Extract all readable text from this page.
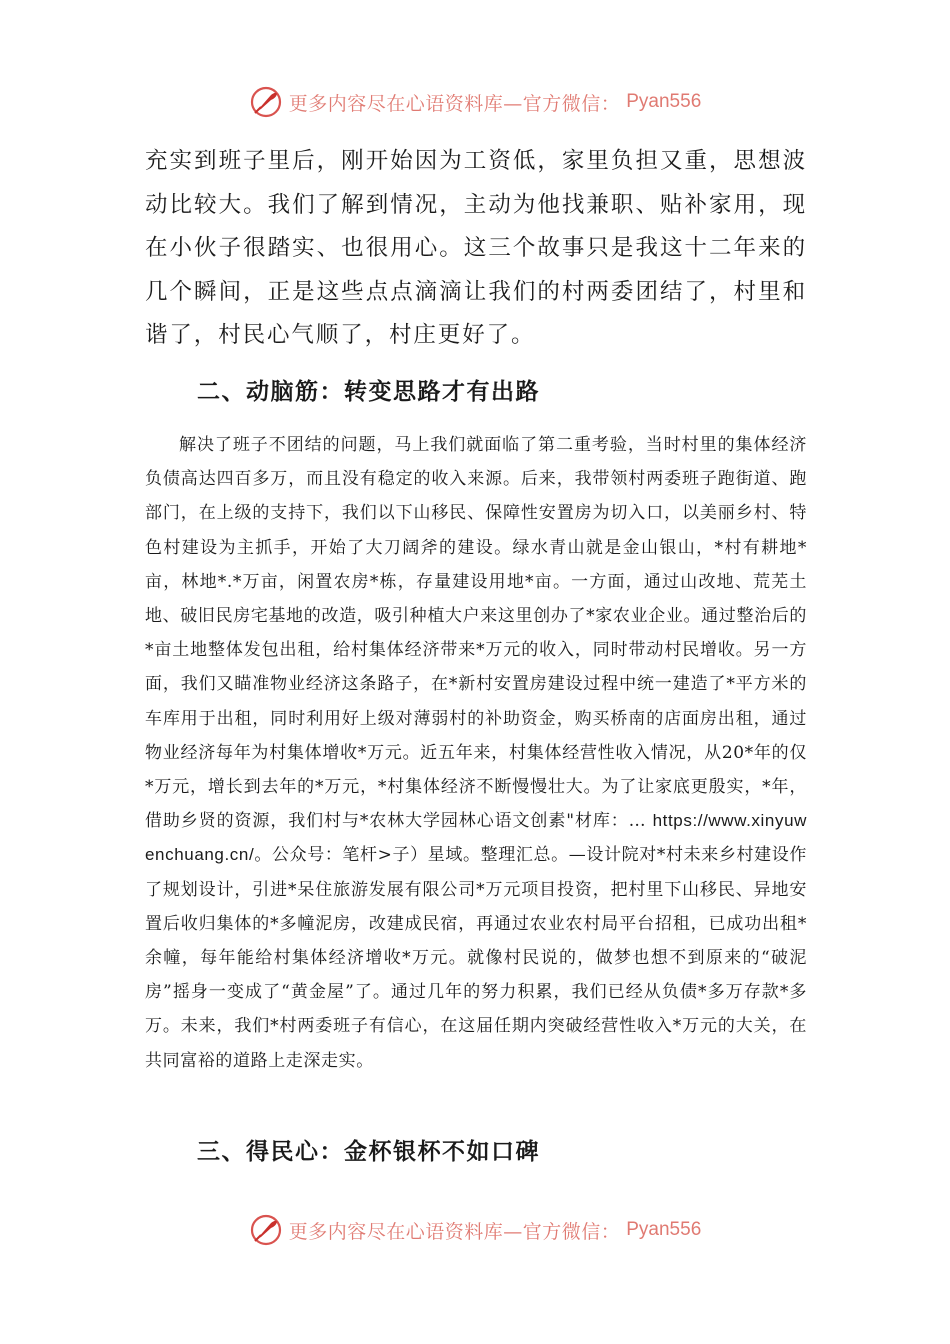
更多内容尽在心语资料库—官方微信： Pyan556

充实到班子里后，刚开始因为工资低，家里负担又重，思想波动比较大。我们了解到情况，主动为他找兼职、贴补家用，现在小伙子很踏实、也很用心。这三个故事只是我这十二年来的几个瞬间，正是这些点点滴滴让我们的村两委团结了，村里和谐了，村民心气顺了，村庄更好了。

二、动脑筋：转变思路才有出路

解决了班子不团结的问题，马上我们就面临了第二重考验，当时村里的集体经济负债高达四百多万，而且没有稳定的收入来源。后来，我带领村两委班子跑街道、跑部门，在上级的支持下，我们以下山移民、保障性安置房为切入口，以美丽乡村、特色村建设为主抓手，开始了大刀阔斧的建设。绿水青山就是金山银山，*村有耕地*亩，林地*.*万亩，闲置农房*栋，存量建设用地*亩。一方面，通过山改地、荒芜土地、破旧民房宅基地的改造，吸引种植大户来这里创办了*家农业企业。通过整治后的*亩土地整体发包出租，给村集体经济带来*万元的收入，同时带动村民增收。另一方面，我们又瞄准物业经济这条路子，在*新村安置房建设过程中统一建造了*平方米的车库用于出租，同时利用好上级对薄弱村的补助资金，购买桥南的店面房出租，通过物业经济每年为村集体增收*万元。近五年来，村集体经营性收入情况，从20*年的仅*万元，增长到去年的*万元，*村集体经济不断慢慢壮大。为了让家底更殷实，*年，借助乡贤的资源，我们村与*农林大学园林心语文创素"材库：… https://www.xinyuwenchuang.cn/。公众号：笔杆>子）星域。整理汇总。—设计院对*村未来乡村建设作了规划设计，引进*呆住旅游发展有限公司*万元项目投资，把村里下山移民、异地安置后收归集体的*多幢泥房，改建成民宿，再通过农业农村局平台招租，已成功出租*余幢，每年能给村集体经济增收*万元。就像村民说的，做梦也想不到原来的“破泥房”摇身一变成了“黄金屋”了。通过几年的努力积累，我们已经从负债*多万存款*多万。未来，我们*村两委班子有信心，在这届任期内突破经营性收入*万元的大关，在共同富裕的道路上走深走实。

三、得民心：金杯银杯不如口碑
更多内容尽在心语资料库—官方微信： Pyan556
